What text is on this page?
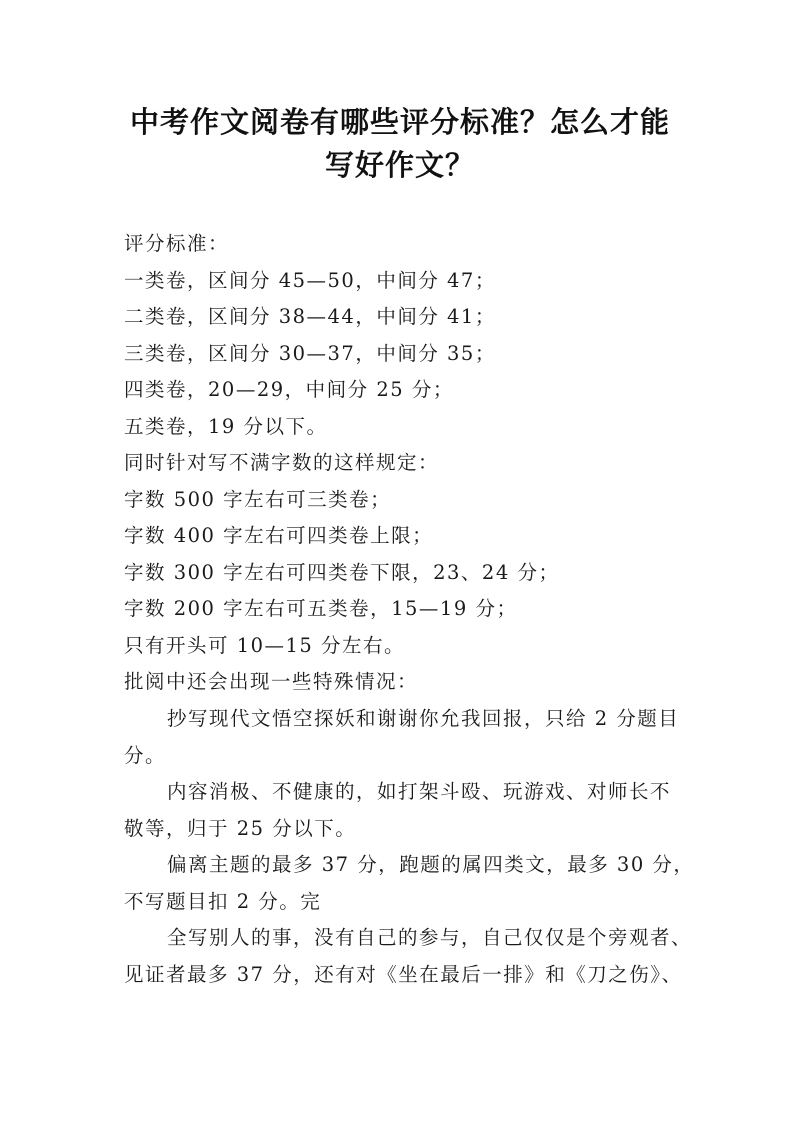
中考作文阅卷有哪些评分标准？怎么才能
写好作文？
评分标准：
一类卷，区间分 45—50，中间分 47；
二类卷，区间分 38—44，中间分 41；
三类卷，区间分 30—37，中间分 35；
四类卷，20—29，中间分 25 分；
五类卷，19 分以下。
同时针对写不满字数的这样规定：
字数 500 字左右可三类卷；
字数 400 字左右可四类卷上限；
字数 300 字左右可四类卷下限，23、24 分；
字数 200 字左右可五类卷，15—19 分；
只有开头可 10—15 分左右。
批阅中还会出现一些特殊情况：
抄写现代文悟空探妖和谢谢你允我回报，只给 2 分题目
分。
内容消极、不健康的，如打架斗殴、玩游戏、对师长不
敬等，归于 25 分以下。
偏离主题的最多 37 分，跑题的属四类文，最多 30 分，
不写题目扣 2 分。完
全写别人的事，没有自己的参与，自己仅仅是个旁观者、
见证者最多 37 分，还有对《坐在最后一排》和《刀之伤》、
